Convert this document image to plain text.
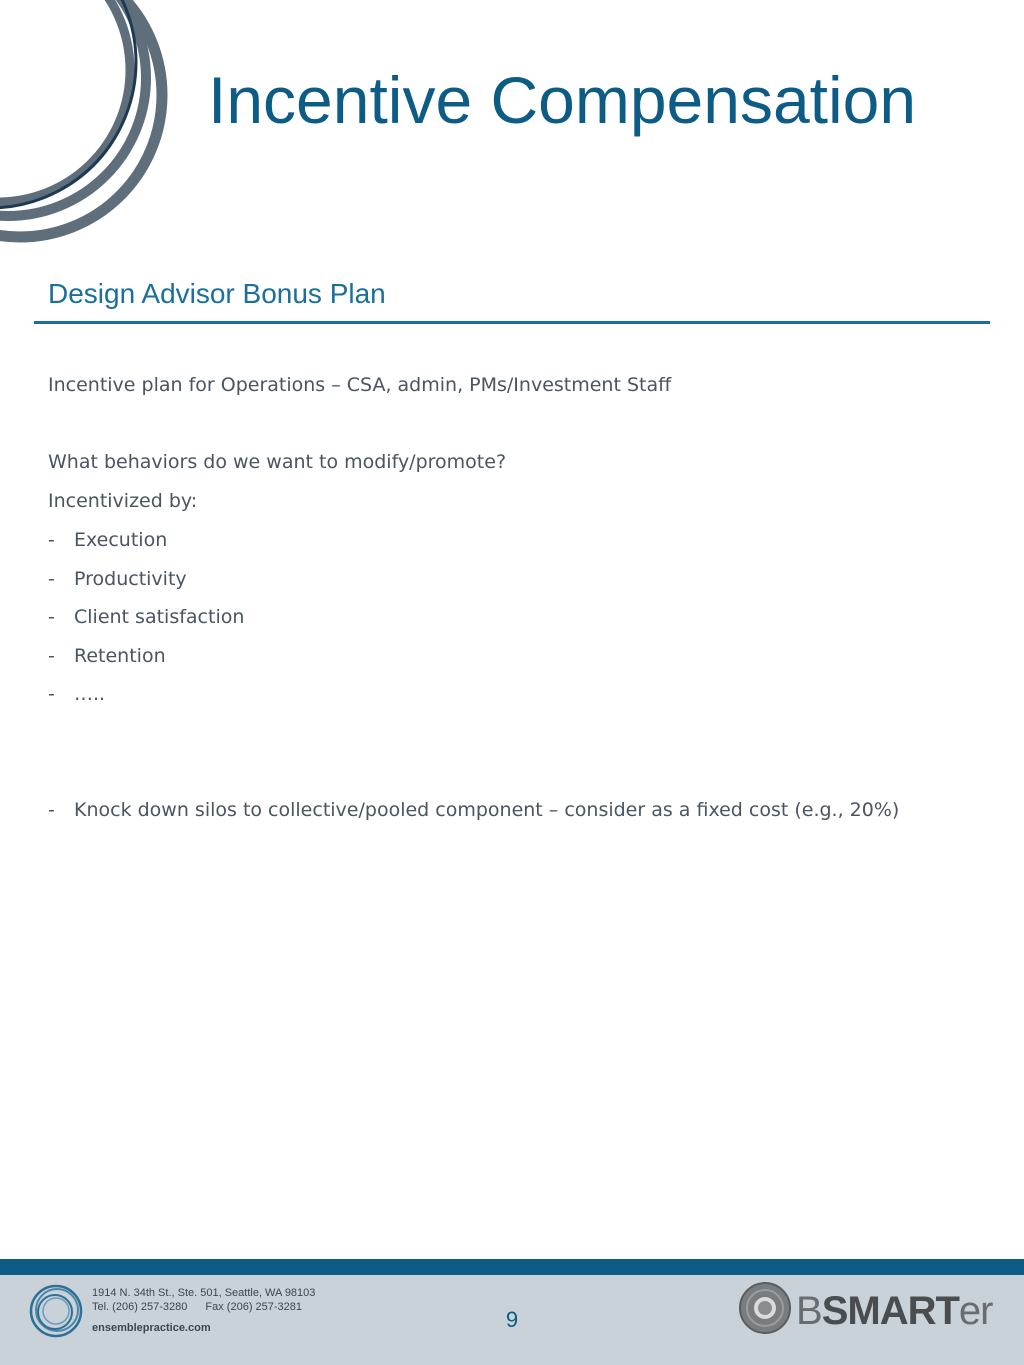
Incentive Compensation
Design Advisor Bonus Plan
Incentive plan for Operations – CSA, admin, PMs/Investment Staff
What behaviors do we want to modify/promote?
Incentivized by:
- Execution
- Productivity
- Client satisfaction
- Retention
- …..
- Knock down silos to collective/pooled component – consider as a fixed cost (e.g., 20%)
1914 N. 34th St., Ste. 501, Seattle, WA 98103
Tel. (206) 257-3280 Fax (206) 257-3281
ensemblepractice.com	9	BSMARTer
